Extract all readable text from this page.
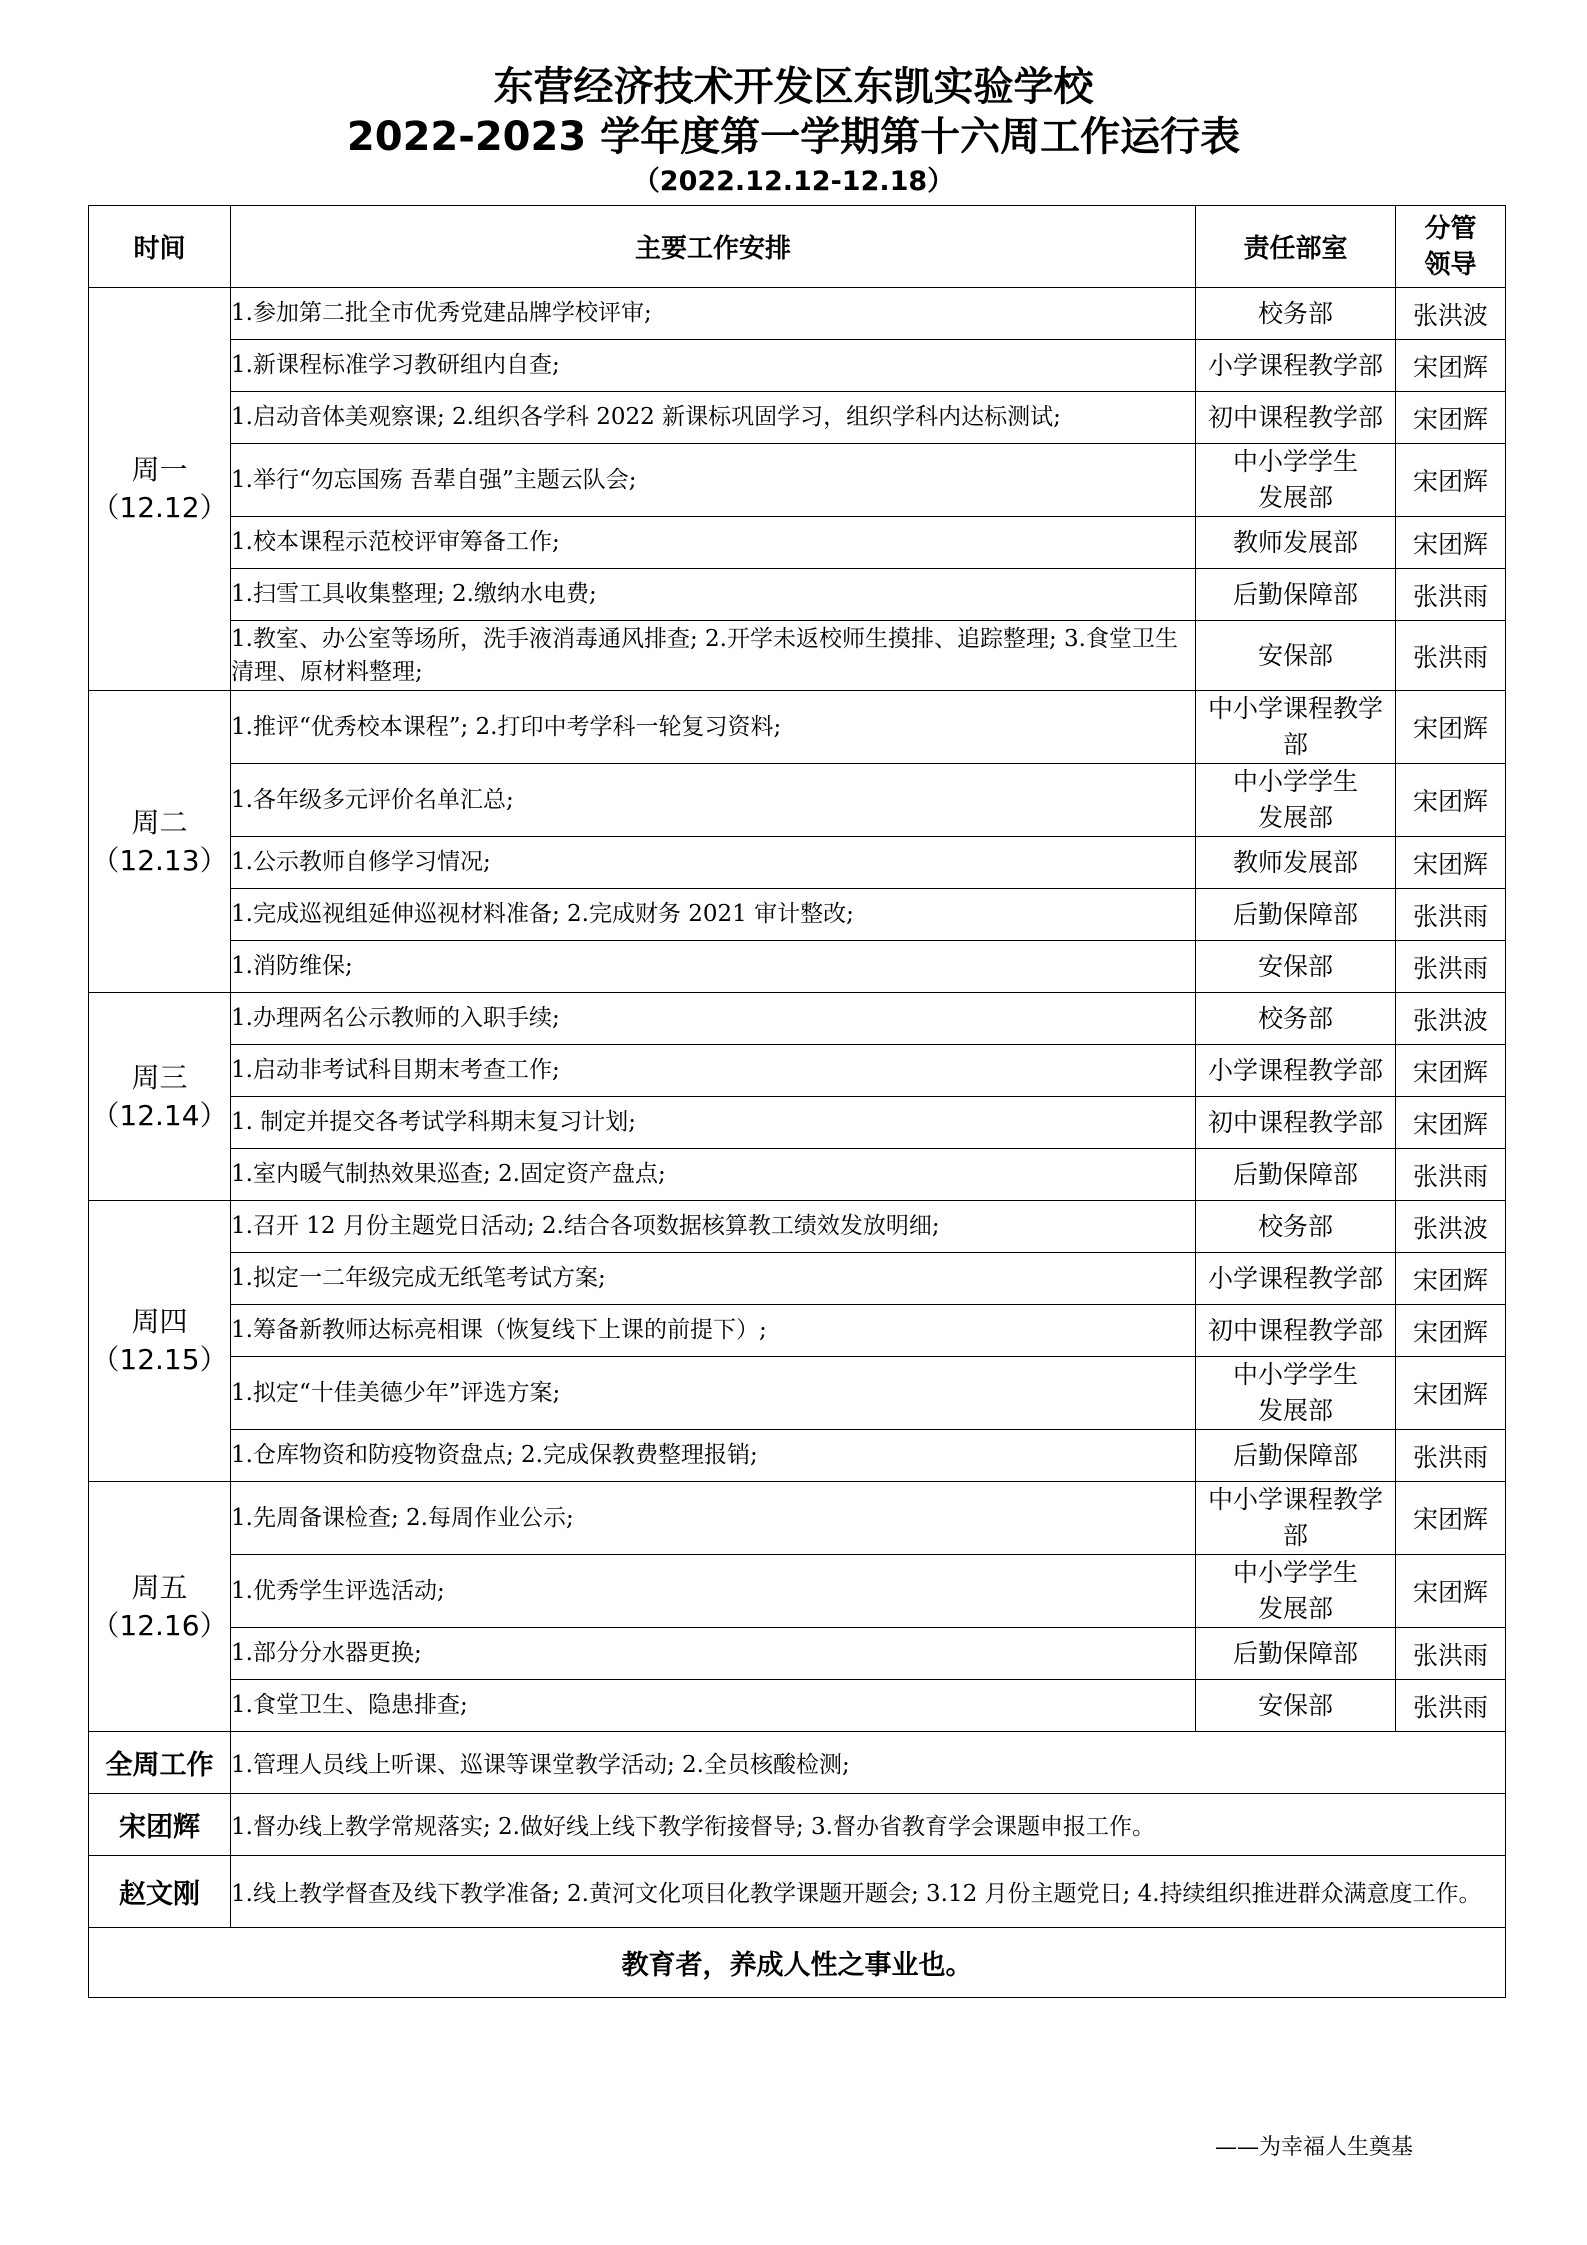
东营经济技术开发区东凯实验学校
2022-2023 学年度第一学期第十六周工作运行表
（2022.12.12-12.18）
时间	主要工作安排	责任部室	分管领导

周一
（12.12）	1.参加第二批全市优秀党建品牌学校评审;	校务部	张洪波
	1.新课程标准学习教研组内自查;	小学课程教学部	宋团辉
	1.启动音体美观察课; 2.组织各学科 2022 新课标巩固学习，组织学科内达标测试;	初中课程教学部	宋团辉
	1.举行“勿忘国殇 吾辈自强”主题云队会;	中小学学生发展部	宋团辉
	1.校本课程示范校评审筹备工作;	教师发展部	宋团辉
	1.扫雪工具收集整理; 2.缴纳水电费;	后勤保障部	张洪雨
	1.教室、办公室等场所，洗手液消毒通风排查; 2.开学未返校师生摸排、追踪整理; 3.食堂卫生清理、原材料整理;	安保部	张洪雨

周二
（12.13）	1.推评“优秀校本课程”; 2.打印中考学科一轮复习资料;	中小学课程教学部	宋团辉
	1.各年级多元评价名单汇总;	中小学学生发展部	宋团辉
	1.公示教师自修学习情况;	教师发展部	宋团辉
	1.完成巡视组延伸巡视材料准备; 2.完成财务 2021 审计整改;	后勤保障部	张洪雨
	1.消防维保;	安保部	张洪雨

周三
（12.14）	1.办理两名公示教师的入职手续;	校务部	张洪波
	1.启动非考试科目期末考查工作;	小学课程教学部	宋团辉
	1. 制定并提交各考试学科期末复习计划;	初中课程教学部	宋团辉
	1.室内暖气制热效果巡查; 2.固定资产盘点;	后勤保障部	张洪雨

周四
（12.15）	1.召开 12 月份主题党日活动; 2.结合各项数据核算教工绩效发放明细;	校务部	张洪波
	1.拟定一二年级完成无纸笔考试方案;	小学课程教学部	宋团辉
	1.筹备新教师达标亮相课（恢复线下上课的前提下）;	初中课程教学部	宋团辉
	1.拟定“十佳美德少年”评选方案;	中小学学生发展部	宋团辉
	1.仓库物资和防疫物资盘点; 2.完成保教费整理报销;	后勤保障部	张洪雨

周五
（12.16）	1.先周备课检查; 2.每周作业公示;	中小学课程教学部	宋团辉
	1.优秀学生评选活动;	中小学学生发展部	宋团辉
	1.部分分水器更换;	后勤保障部	张洪雨
	1.食堂卫生、隐患排查;	安保部	张洪雨
全周工作	1.管理人员线上听课、巡课等课堂教学活动; 2.全员核酸检测;		
宋团辉	1.督办线上教学常规落实; 2.做好线上线下教学衔接督导; 3.督办省教育学会课题申报工作。		
赵文刚	1.线上教学督查及线下教学准备; 2.黄河文化项目化教学课题开题会; 3.12 月份主题党日; 4.持续组织推进群众满意度工作。		
教育者，养成人性之事业也。			
——为幸福人生奠基
